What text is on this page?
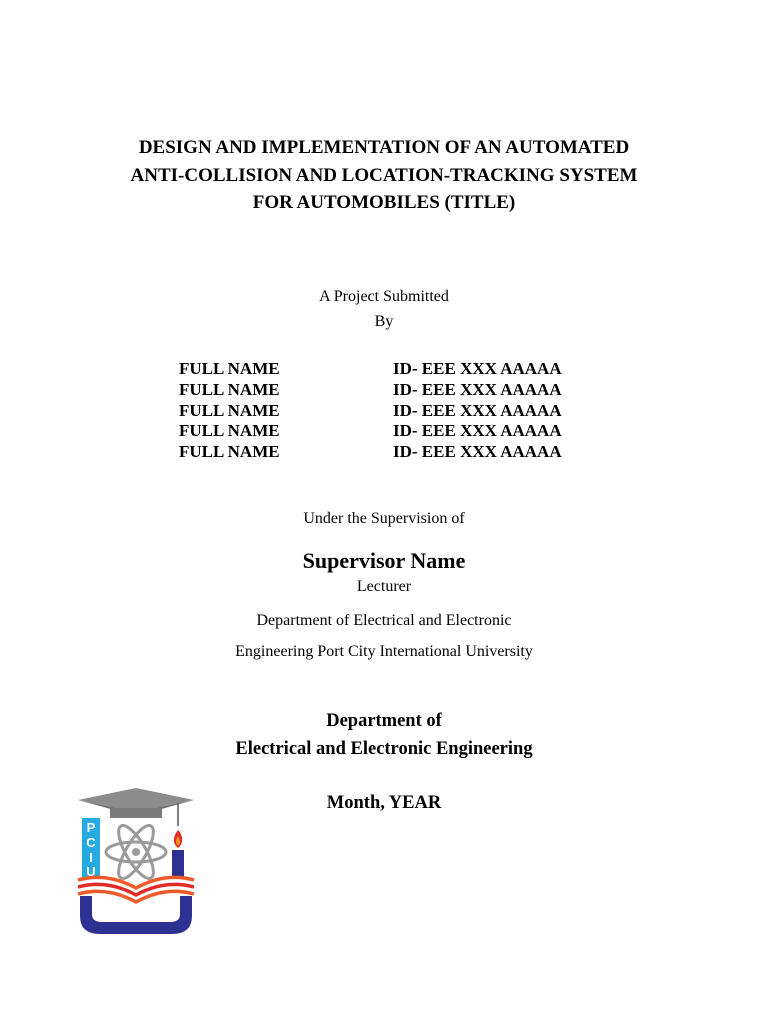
DESIGN AND IMPLEMENTATION OF AN AUTOMATED
ANTI-COLLISION AND LOCATION-TRACKING SYSTEM
FOR AUTOMOBILES (TITLE)
A Project Submitted
By
FULL NAME	ID- EEE XXX AAAAA
FULL NAME	ID- EEE XXX AAAAA
FULL NAME	ID- EEE XXX AAAAA
FULL NAME	ID- EEE XXX AAAAA
FULL NAME	ID- EEE XXX AAAAA
Under the Supervision of
Supervisor Name
Lecturer
Department of Electrical and Electronic
Engineering Port City International University
Department of
Electrical and Electronic Engineering
Month, YEAR
P
C
I
U
